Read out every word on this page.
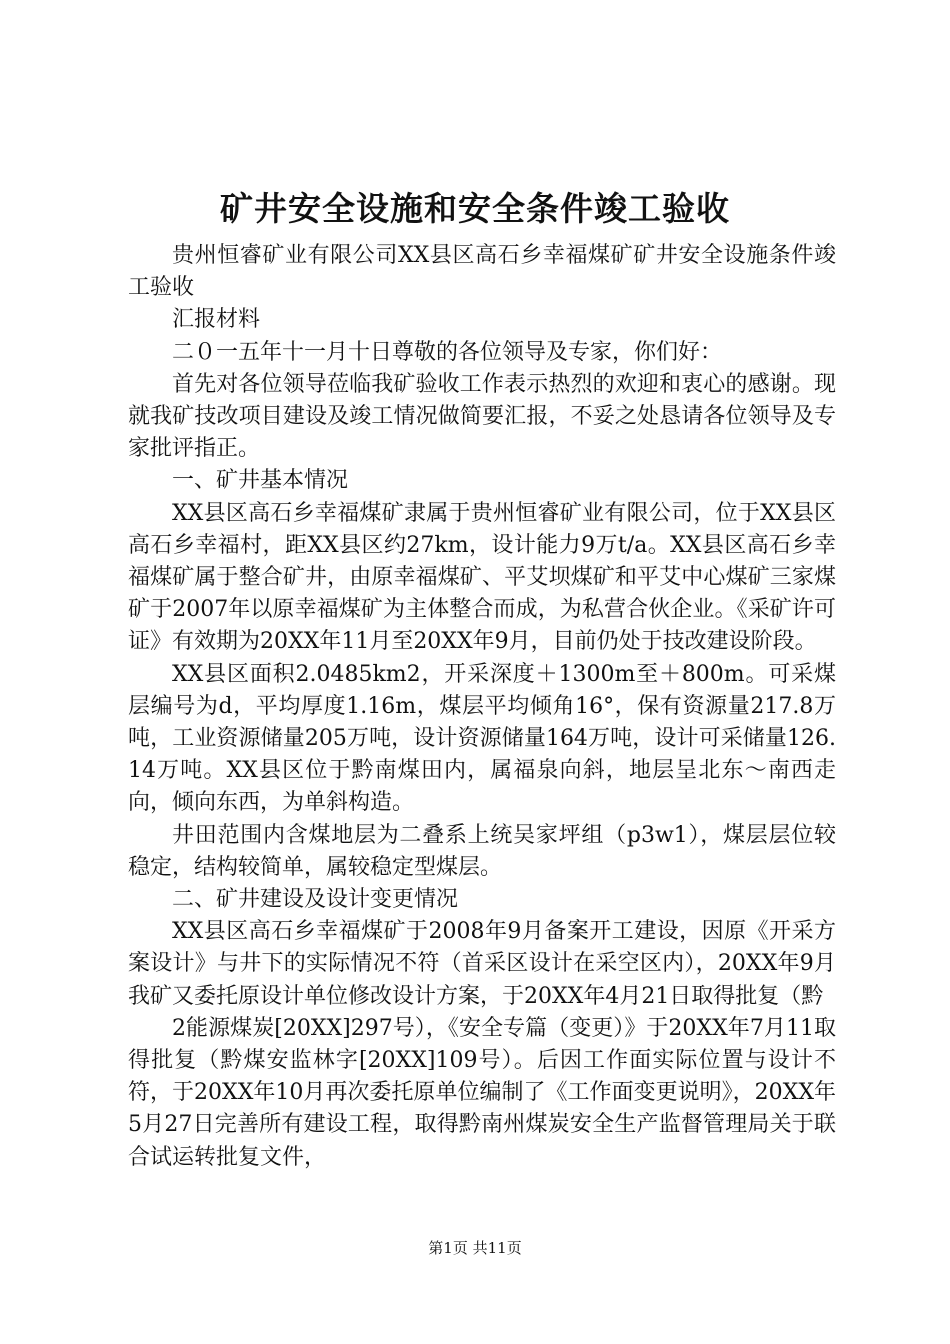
矿井安全设施和安全条件竣工验收

贵州恒睿矿业有限公司XX县区高石乡幸福煤矿矿井安全设施条件竣工验收

汇报材料

二０一五年十一月十日尊敬的各位领导及专家，你们好：

首先对各位领导莅临我矿验收工作表示热烈的欢迎和衷心的感谢。现就我矿技改项目建设及竣工情况做简要汇报，不妥之处恳请各位领导及专家批评指正。

一、矿井基本情况

XX县区高石乡幸福煤矿隶属于贵州恒睿矿业有限公司，位于XX县区高石乡幸福村，距XX县区约27km，设计能力9万t/a。XX县区高石乡幸福煤矿属于整合矿井，由原幸福煤矿、平艾坝煤矿和平艾中心煤矿三家煤矿于2007年以原幸福煤矿为主体整合而成，为私营合伙企业。《采矿许可证》有效期为20XX年11月至20XX年9月，目前仍处于技改建设阶段。

XX县区面积2.0485km2，开采深度＋1300m至＋800m。可采煤层编号为d，平均厚度1.16m，煤层平均倾角16°，保有资源量217.8万吨，工业资源储量205万吨，设计资源储量164万吨，设计可采储量126.14万吨。XX县区位于黔南煤田内，属福泉向斜，地层呈北东～南西走向，倾向东西，为单斜构造。

井田范围内含煤地层为二叠系上统吴家坪组（p3w1），煤层层位较稳定，结构较简单，属较稳定型煤层。

二、矿井建设及设计变更情况

XX县区高石乡幸福煤矿于2008年9月备案开工建设，因原《开采方案设计》与井下的实际情况不符（首采区设计在采空区内），20XX年9月我矿又委托原设计单位修改设计方案，于20XX年4月21日取得批复（黔

2能源煤炭[20XX]297号），《安全专篇（变更）》于20XX年7月11取得批复（黔煤安监林字[20XX]109号）。后因工作面实际位置与设计不符，于20XX年10月再次委托原单位编制了《工作面变更说明》，20XX年5月27日完善所有建设工程，取得黔南州煤炭安全生产监督管理局关于联合试运转批复文件，

第1页 共11页
